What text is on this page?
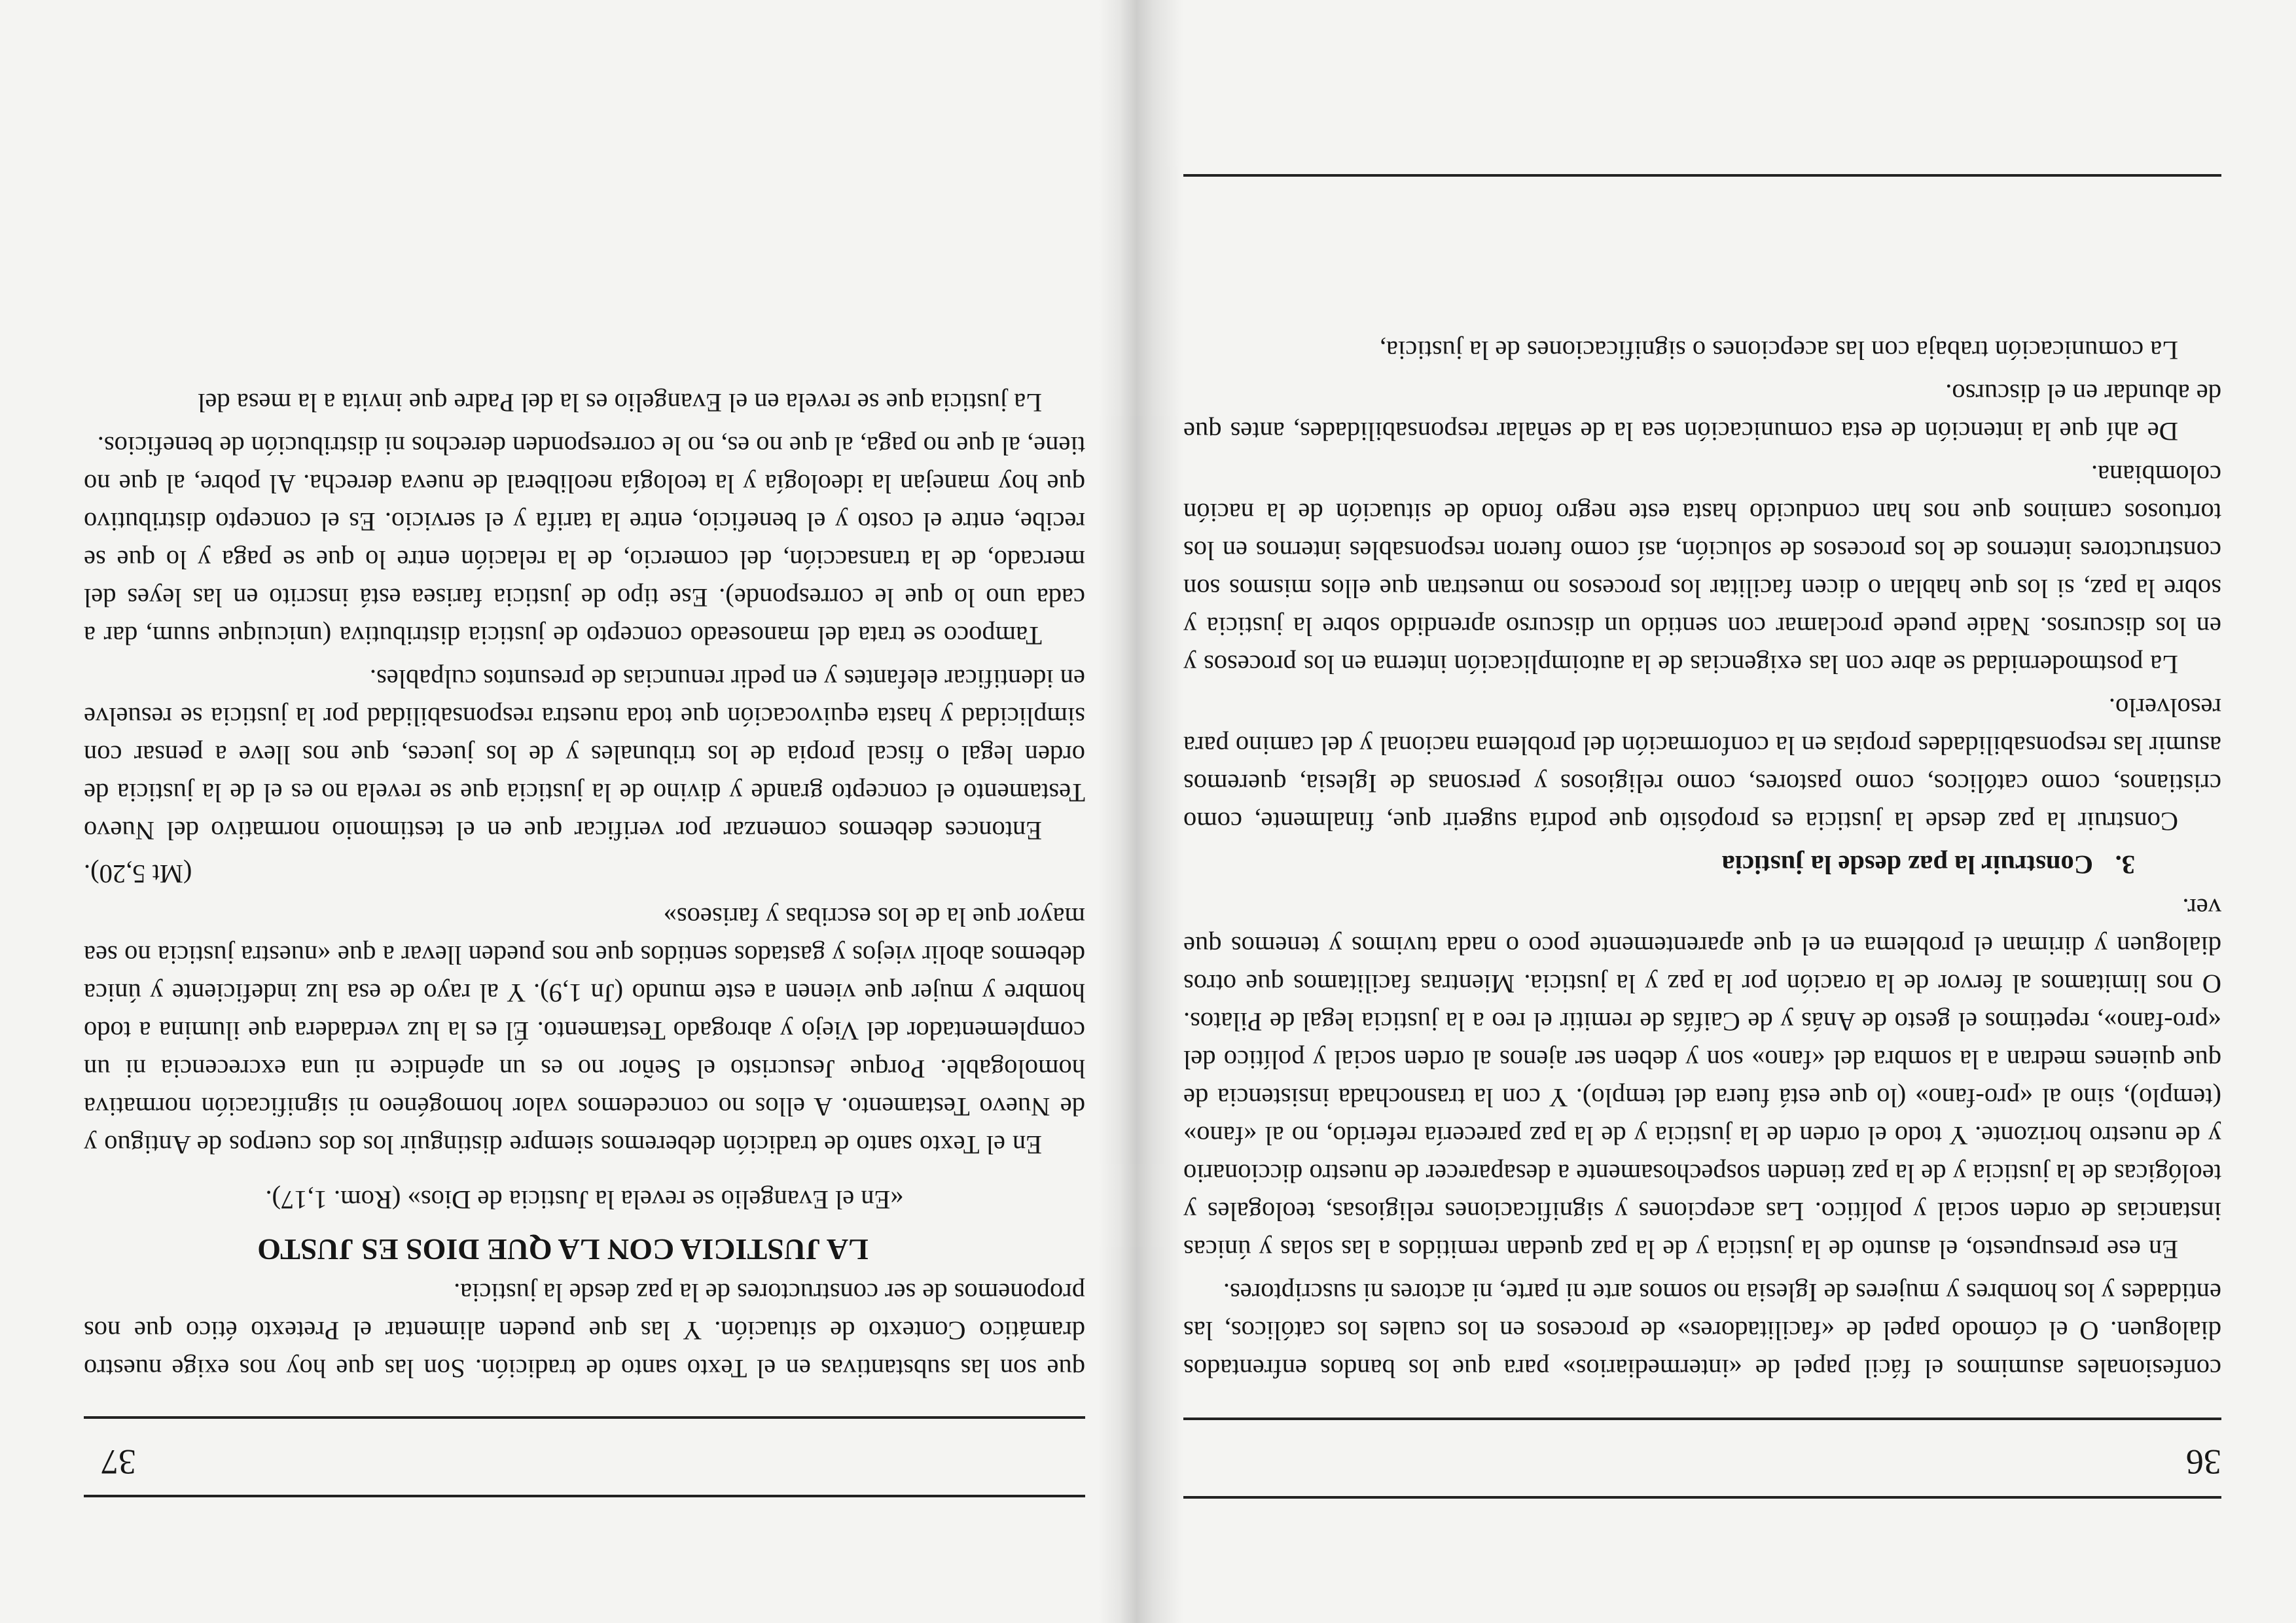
36

confesionales asumimos el fácil papel de «intermediarios» para que los bandos enfrentados dialoguen. O el cómodo papel de «facilitadores» de procesos en los cuales los católicos, las entidades y los hombres y mujeres de Iglesia no somos arte ni parte, ni actores ni suscriptores.

En ese presupuesto, el asunto de la justicia y de la paz quedan remitidos a las solas y únicas instancias de orden social y político. Las acepciones y significaciones religiosas, teologales y teológicas de la justicia y de la paz tienden sospechosamente a desaparecer de nuestro diccionario y de nuestro horizonte. Y todo el orden de la justicia y de la paz parecería referido, no al «fano» (templo), sino al «pro-fano» (lo que está fuera del templo). Y con la trasnochada insistencia de que quienes medran a la sombra del «fano» son y deben ser ajenos al orden social y político del «pro-fano», repetimos el gesto de Anás y de Caifás de remitir el reo a la justicia legal de Pilatos. O nos limitamos al fervor de la oración por la paz y la justicia. Mientras facilitamos que otros dialoguen y diriman el problema en el que aparentemente poco o nada tuvimos y tenemos que ver.

3.Construir la paz desde la justicia

Construir la paz desde la justicia es propósito que podría sugerir que, finalmente, como cristianos, como católicos, como pastores, como religiosos y personas de Iglesia, queremos asumir las responsabilidades propias en la conformación del problema nacional y del camino para resolverlo.

La postmodernidad se abre con las exigencias de la autoimplicación interna en los procesos y en los discursos. Nadie puede proclamar con sentido un discurso aprendido sobre la justicia y sobre la paz, si los que hablan o dicen facilitar los procesos no muestran que ellos mismos son constructores internos de los procesos de solución, así como fueron responsables internos en los tortuosos caminos que nos han conducido hasta este negro fondo de situación de la nación colombiana.

De ahí que la intención de esta comunicación sea la de señalar responsabilidades, antes que de abundar en el discurso.

La comunicación trabaja con las acepciones o significaciones de la justicia,

37

que son las substantivas en el Texto santo de tradición. Son las que hoy nos exige nuestro dramático Contexto de situación. Y las que pueden alimentar el Pretexto ético que nos proponemos de ser constructores de la paz desde la justicia.

LA JUSTICIA CON LA QUE DIOS ES JUSTO

«En el Evangelio se revela la Justicia de Dios» (Rom. 1,17).

En el Texto santo de tradición deberemos siempre distinguir los dos cuerpos de Antiguo y de Nuevo Testamento. A ellos no concedemos valor homogéneo ni significación normativa homologable. Porque Jesucristo el Señor no es un apéndice ni una excrecencia ni un complementador del Viejo y abrogado Testamento. Él es la luz verdadera que ilumina a todo hombre y mujer que vienen a este mundo (Jn 1,9). Y al rayo de esa luz indeficiente y única debemos abolir viejos y gastados sentidos que nos pueden llevar a que «nuestra justicia no sea mayor que la de los escribas y fariseos»

(Mt 5,20).

Entonces debemos comenzar por verificar que en el testimonio normativo del Nuevo Testamento el concepto grande y divino de la justicia que se revela no es el de la justicia de orden legal o fiscal propia de los tribunales y de los jueces, que nos lleve a pensar con simplicidad y hasta equivocación que toda nuestra responsabilidad por la justicia se resuelve en identificar elefantes y en pedir renuncias de presuntos culpables.

Tampoco se trata del manoseado concepto de justicia distributiva (unicuique suum, dar a cada uno lo que le corresponde). Ese tipo de justicia farisea está inscrito en las leyes del mercado, de la transacción, del comercio, de la relación entre lo que se paga y lo que se recibe, entre el costo y el beneficio, entre la tarifa y el servicio. Es el concepto distributivo que hoy manejan la ideología y la teología neoliberal de nueva derecha. Al pobre, al que no tiene, al que no paga, al que no es, no le corresponden derechos ni distribución de beneficios.

La justicia que se revela en el Evangelio es la del Padre que invita a la mesa del
